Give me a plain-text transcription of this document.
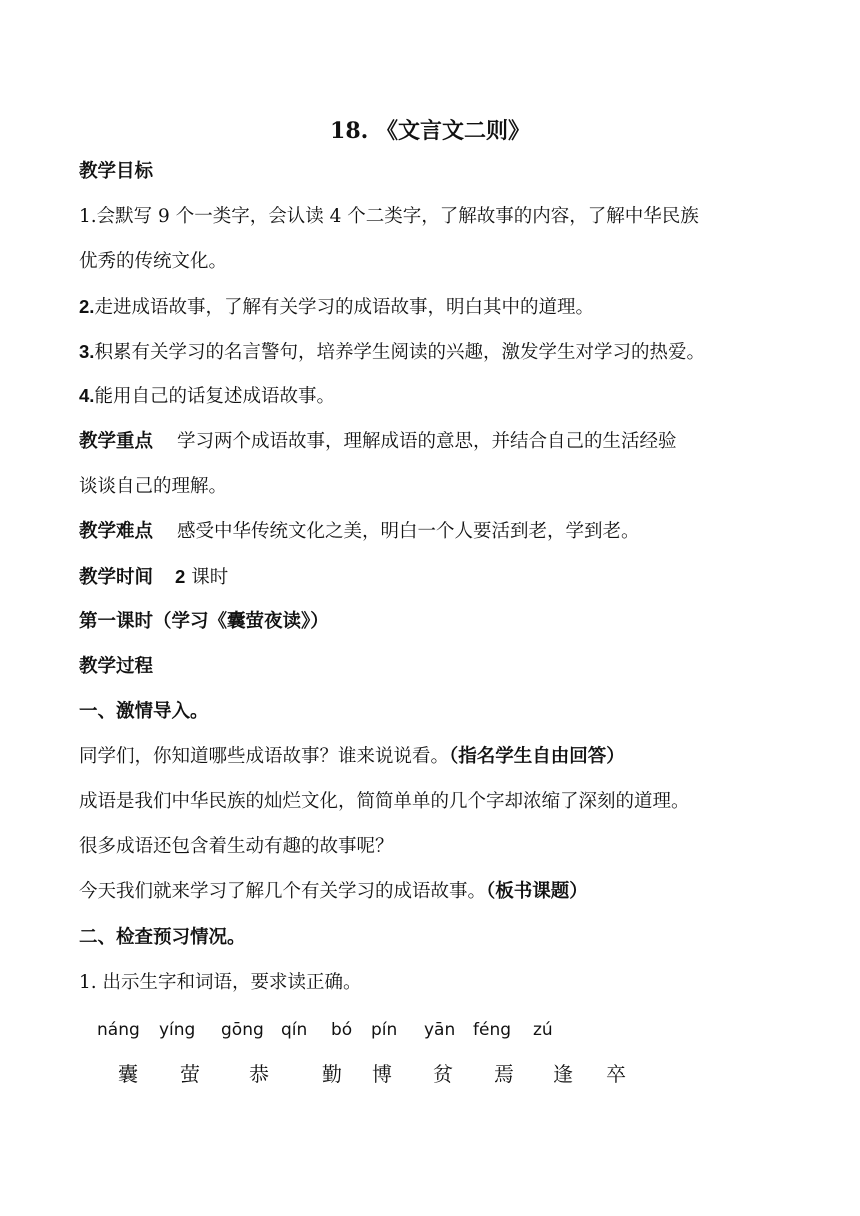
18. 《文言文二则》
教学目标
1.会默写 9 个一类字，会认读 4 个二类字，了解故事的内容，了解中华民族
优秀的传统文化。
2.走进成语故事，了解有关学习的成语故事，明白其中的道理。
3.积累有关学习的名言警句，培养学生阅读的兴趣，激发学生对学习的热爱。
4.能用自己的话复述成语故事。
教学重点 学习两个成语故事，理解成语的意思，并结合自己的生活经验
谈谈自己的理解。
教学难点 感受中华传统文化之美，明白一个人要活到老，学到老。
教学时间 2 课时
第一课时（学习《囊萤夜读》）
教学过程
一、激情导入。
同学们，你知道哪些成语故事？谁来说说看。（指名学生自由回答）
成语是我们中华民族的灿烂文化，简简单单的几个字却浓缩了深刻的道理。
很多成语还包含着生动有趣的故事呢？
今天我们就来学习了解几个有关学习的成语故事。（板书课题）
二、检查预习情况。
1. 出示生字和词语，要求读正确。
náng yíng gōng qín bó pín yān féng zú
囊 萤 恭	勤 博 贫 焉 逢 卒
